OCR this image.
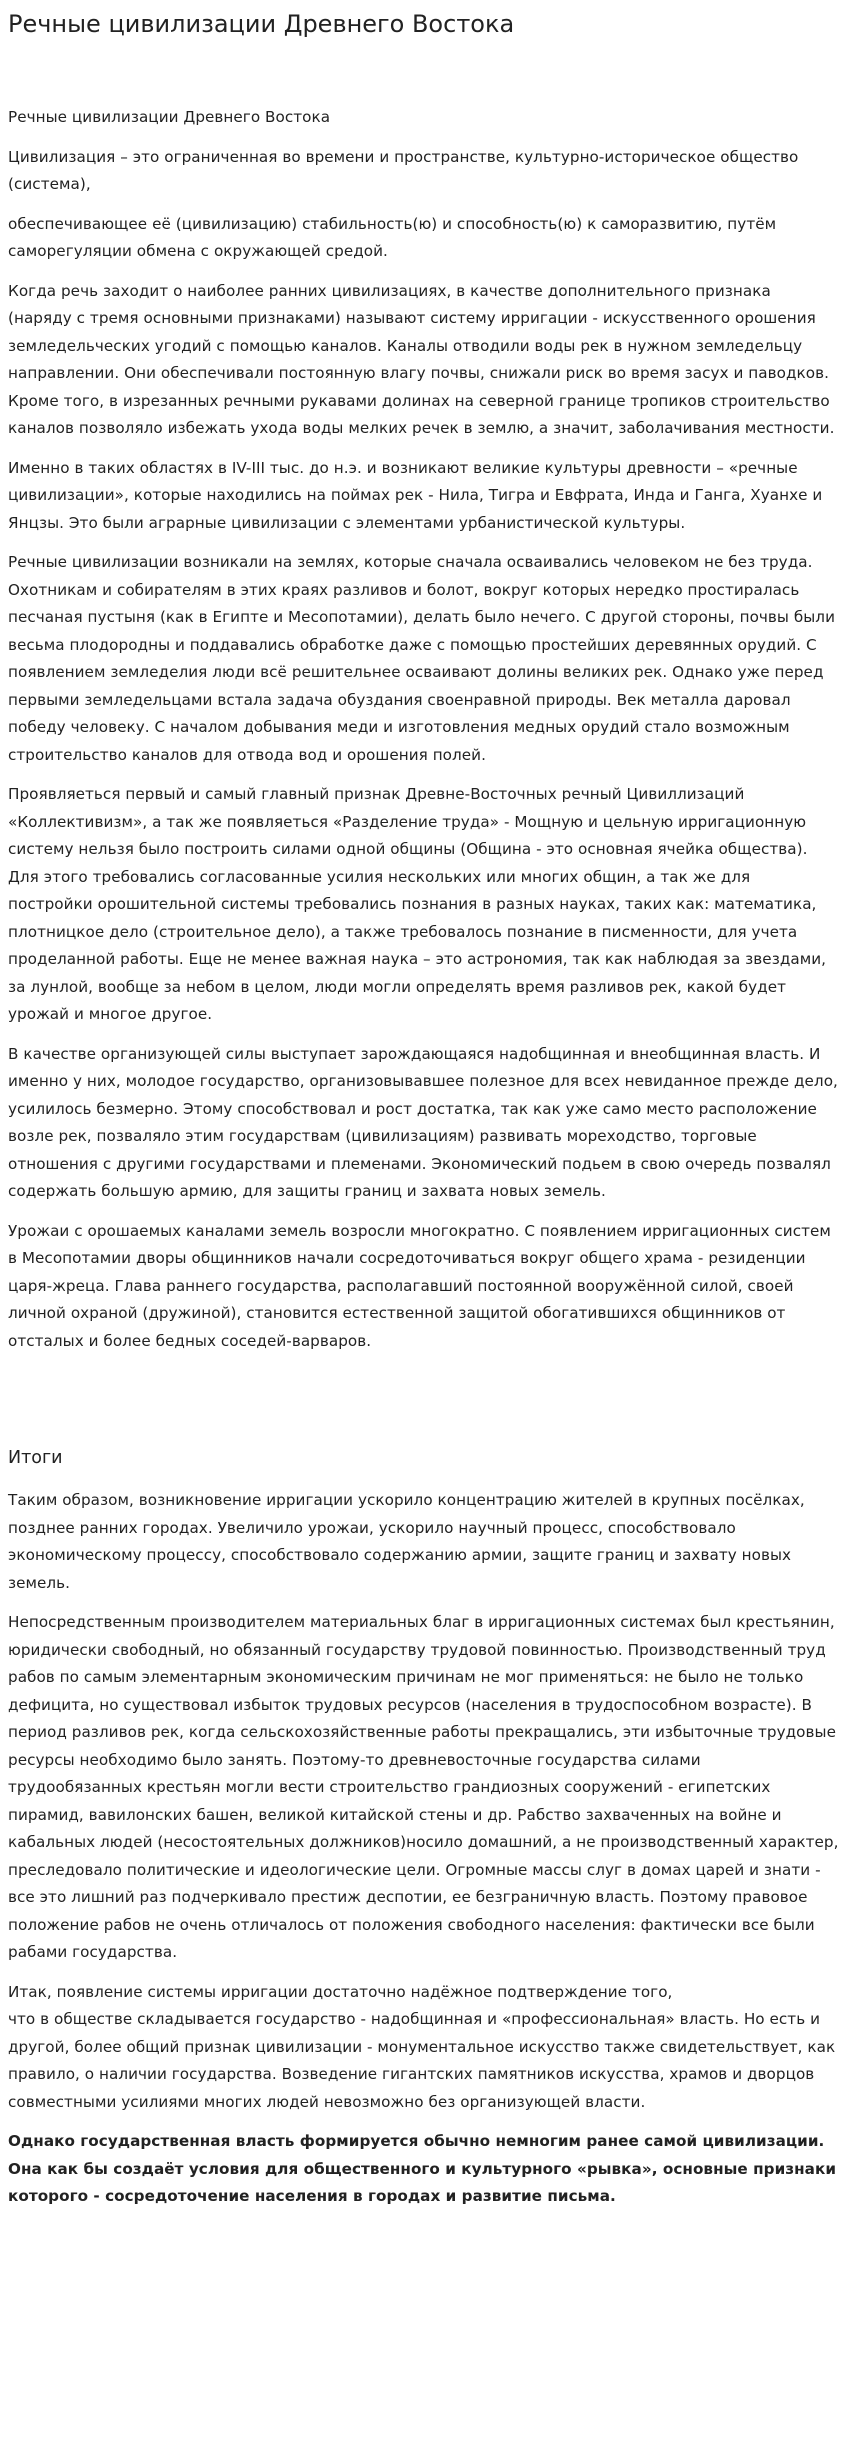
Речные цивилизации Древнего Востока

Речные цивилизации Древнего Востока

Цивилизация – это ограниченная во времени и пространстве, культурно-историческое общество (система),

обеспечивающее её (цивилизацию) стабильность(ю) и способность(ю) к саморазвитию, путём саморегуляции обмена с окружающей средой.

Когда речь заходит о наиболее ранних цивилизациях, в качестве дополнительного признака (наряду с тремя основными признаками) называют систему ирригации - искусственного орошения земледельческих угодий с помощью каналов. Каналы отводили воды рек в нужном земледельцу направлении. Они обеспечивали постоянную влагу почвы, снижали риск во время засух и паводков. Кроме того, в изрезанных речными рукавами долинах на северной границе тропиков строительство каналов позволяло избежать ухода воды мелких речек в землю, а значит, заболачивания местности.

Именно в таких областях в IV-III тыс. до н.э. и возникают великие культуры древности – «речные цивилизации», которые находились на поймах рек - Нила, Тигра и Евфрата, Инда и Ганга, Хуанхе и Янцзы. Это были аграрные цивилизации с элементами урбанистической культуры.

Речные цивилизации возникали на землях, которые сначала осваивались человеком не без труда. Охотникам и собирателям в этих краях разливов и болот, вокруг которых нередко простиралась песчаная пустыня (как в Египте и Месопотамии), делать было нечего. С другой стороны, почвы были весьма плодородны и поддавались обработке даже с помощью простейших деревянных орудий. С появлением земледелия люди всё решительнее осваивают долины великих рек. Однако уже перед первыми земледельцами встала задача обуздания своенравной природы. Век металла даровал победу человеку. С началом добывания меди и изготовления медных орудий стало возможным строительство каналов для отвода вод и орошения полей.

Проявляеться первый и самый главный признак Древне-Восточных речный Цивиллизаций «Коллективизм», а так же появляеться «Разделение труда» - Мощную и цельную ирригационную систему нельзя было построить силами одной общины (Община - это основная ячейка общества). Для этого требовались согласованные усилия нескольких или многих общин, а так же для постройки орошительной системы требовались познания в разных науках, таких как: математика, плотницкое дело (строительное дело), а также требовалось познание в писменности, для учета проделанной работы. Еще не менее важная наука – это астрономия, так как наблюдая за звездами, за лунлой, вообще за небом в целом, люди могли определять время разливов рек, какой будет урожай и многое другое.

В качестве организующей силы выступает зарождающаяся надобщинная и внеобщинная власть. И именно у них, молодое государство, организовывавшее полезное для всех невиданное прежде дело, усилилось безмерно. Этому способствовал и рост достатка, так как уже само место расположение возле рек, позваляло этим государствам (цивилизациям) развивать мореходство, торговые отношения с другими государствами и племенами. Экономический подьем в свою очередь позвалял содержать большую армию, для защиты границ и захвата новых земель.

Урожаи с орошаемых каналами земель возросли многократно. С появлением ирригационных систем в Месопотамии дворы общинников начали сосредоточиваться вокруг общего храма - резиденции царя-жреца. Глава раннего государства, располагавший постоянной вооружённой силой, своей личной охраной (дружиной), становится естественной защитой обогатившихся общинников от отсталых и более бедных соседей-варваров.

Итоги

Таким образом, возникновение ирригации ускорило концентрацию жителей в крупных посёлках, позднее ранних городах. Увеличило урожаи, ускорило научный процесс, спосoбствовало экономическому процессу, спосoбствовало содержанию армии, защите границ и захвату новых земель.

Непосредственным производителем материальных благ в ирригационных системах был крестьянин, юридически свободный, но обязанный государству трудовой повинностью. Производственный труд рабов по самым элементарным экономическим причинам не мог применяться: не было не только дефицита, но существовал избыток трудовых ресурсов (населения в трудоспособном возрасте). В период разливов рек, когда сельскохозяйственные работы прекращались, эти избыточные трудовые ресурсы необходимо было занять. Поэтому-то древневосточные государства силами трудообязанных крестьян могли вести строительство грандиозных сооружений - египетских пирамид, вавилонских башен, великой китайской стены и др. Рабство захваченных на войне и кабальных людей (несостоятельных должников)носило домашний, а не производственный характер, преследовало политические и идеологические цели. Огромные массы слуг в домах царей и знати - все это лишний раз подчеркивало престиж деспотии, ее безграничную власть. Поэтому правовое положение рабов не очень отличалось от положения свободного населения: фактически все были рабами государства.

Итак, появление системы ирригации достаточно надёжное подтверждение того,
что в обществе складывается государство - надобщинная и «профессиональная» власть. Но есть и другой, более общий признак цивилизации - монументальное искусство также свидетельствует, как правило, о наличии государства. Возведение гигантских памятников искусства, храмов и дворцов совместными усилиями многих людей невозможно без организующей власти.

Однако государственная власть формируется обычно немногим ранее самой цивилизации. Она как бы создаёт условия для общественного и культурного «рывка», основные признаки которого - сосредоточение населения в городах и развитие письма.
